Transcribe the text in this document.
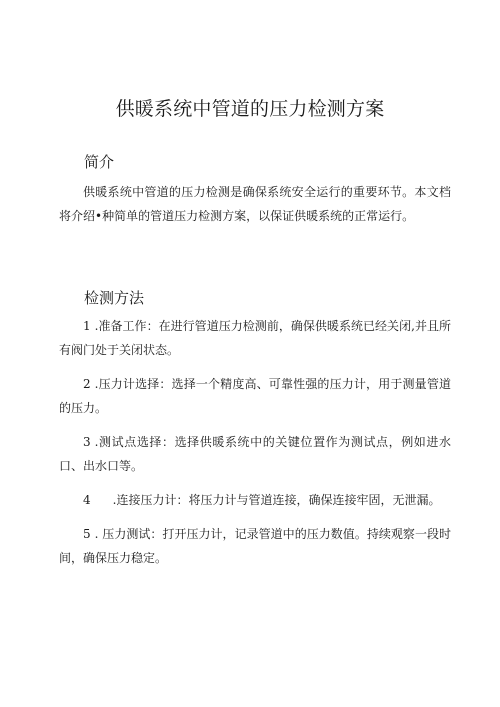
供暖系统中管道的压力检测方案
简介

供暖系统中管道的压力检测是确保系统安全运行的重要环节。本文档将介绍•种简单的管道压力检测方案，以保证供暖系统的正常运行。

检测方法
1 .准备工作：在进行管道压力检测前，确保供暖系统已经关闭,并且所有阀门处于关闭状态。
2 .压力计选择：选择一个精度高、可靠性强的压力计，用于测量管道的压力。
3 .测试点选择：选择供暖系统中的关键位置作为测试点，例如进水口、出水口等。
4 .连接压力计：将压力计与管道连接，确保连接牢固，无泄漏。
5 . 压力测试：打开压力计，记录管道中的压力数值。持续观察一段时间，确保压力稳定。
